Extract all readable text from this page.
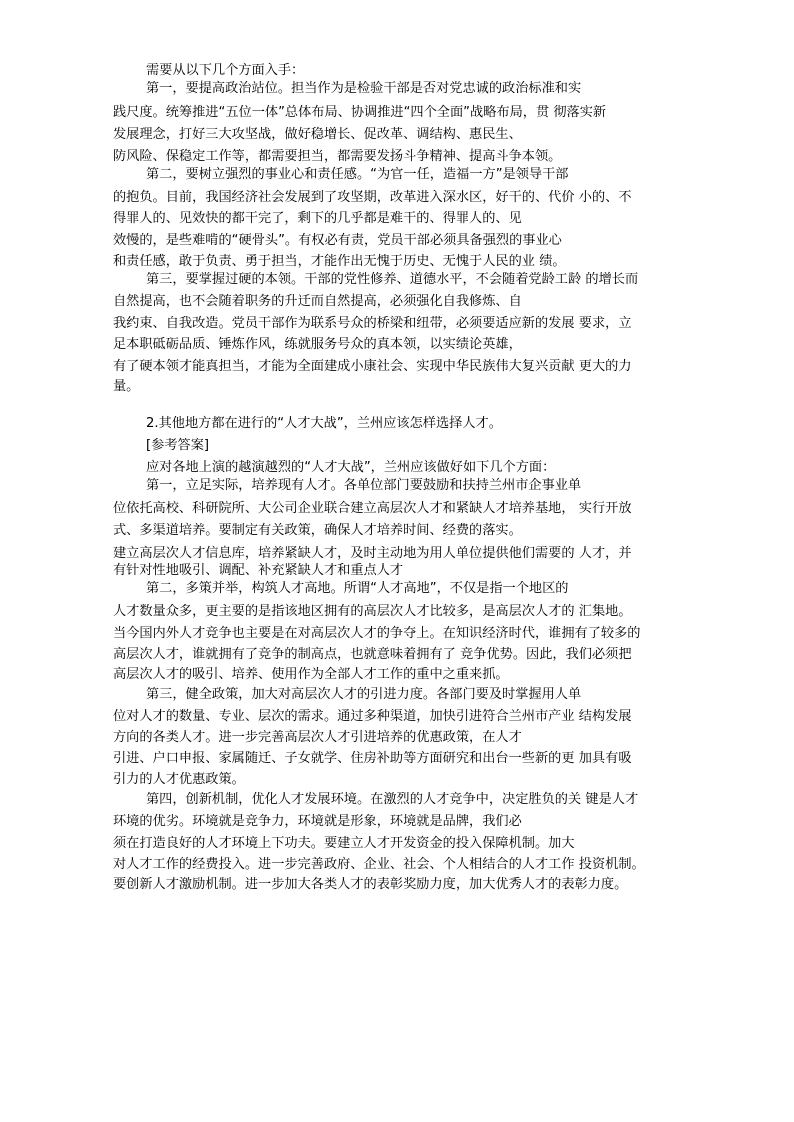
需要从以下几个方面入手：
第一，要提高政治站位。担当作为是检验干部是否对党忠诚的政治标准和实
践尺度。统筹推进“五位一体”总体布局、协调推进“四个全面”战略布局，贯 彻落实新
发展理念，打好三大攻坚战，做好稳增长、促改革、调结构、惠民生、
防风险、保稳定工作等，都需要担当，都需要发扬斗争精神、提高斗争本领。
第二，要树立强烈的事业心和责任感。“为官一任，造福一方”是领导干部
的抱负。目前，我国经济社会发展到了攻坚期，改革进入深水区，好干的、代价 小的、不
得罪人的、见效快的都干完了，剩下的几乎都是难干的、得罪人的、见
效慢的，是些难啃的“硬骨头”。有权必有责，党员干部必须具备强烈的事业心
和责任感，敢于负责、勇于担当，才能作出无愧于历史、无愧于人民的业 绩。
第三，要掌握过硬的本领。干部的党性修养、道德水平，不会随着党龄工龄 的增长而
自然提高，也不会随着职务的升迁而自然提高，必须强化自我修炼、自
我约束、自我改造。党员干部作为联系号众的桥梁和纽带，必须要适应新的发展 要求，立
足本职砥砺品质、锤炼作风，练就服务号众的真本领，以实绩论英雄，
有了硬本领才能真担当，才能为全面建成小康社会、实现中华民族伟大复兴贡献 更大的力
量。
2.其他地方都在进行的“人才大战”，兰州应该怎样选择人才。
[参考答案]
应对各地上演的越演越烈的“人才大战”，兰州应该做好如下几个方面：
第一，立足实际，培养现有人才。各单位部门要鼓励和扶持兰州市企事业单
位依托高校、科研院所、大公司企业联合建立高层次人才和紧缺人才培养基地， 实行开放
式、多渠道培养。要制定有关政策，确保人才培养时间、经费的落实。
建立高层次人才信息库，培养紧缺人才，及时主动地为用人单位提供他们需要的 人才，并
有针对性地吸引、调配、补充紧缺人才和重点人才
第二，多策并举，构筑人才高地。所谓“人才高地”，不仅是指一个地区的
人才数量众多，更主要的是指该地区拥有的高层次人才比较多，是高层次人才的 汇集地。
当今国内外人才竞争也主要是在对高层次人才的争夺上。在知识经济时代，谁拥有了较多的
高层次人才，谁就拥有了竞争的制高点，也就意味着拥有了 竞争优势。因此，我们必须把
高层次人才的吸引、培养、使用作为全部人才工作的重中之重来抓。
第三，健全政策，加大对高层次人才的引进力度。各部门要及时掌握用人单
位对人才的数量、专业、层次的需求。通过多种渠道，加快引进符合兰州市产业 结构发展
方向的各类人才。进一步完善高层次人才引进培养的优惠政策，在人才
引进、户口申报、家属随迁、子女就学、住房补助等方面研究和出台一些新的更 加具有吸
引力的人才优惠政策。
第四，创新机制，优化人才发展环境。在激烈的人才竞争中，决定胜负的关 键是人才
环境的优劣。环境就是竞争力，环境就是形象，环境就是品牌，我们必
须在打造良好的人才环境上下功夫。要建立人才开发资金的投入保障机制。加大
对人才工作的经费投入。进一步完善政府、企业、社会、个人相结合的人才工作 投资机制。
要创新人才激励机制。进一步加大各类人才的表彰奖励力度，加大优秀人才的表彰力度。
